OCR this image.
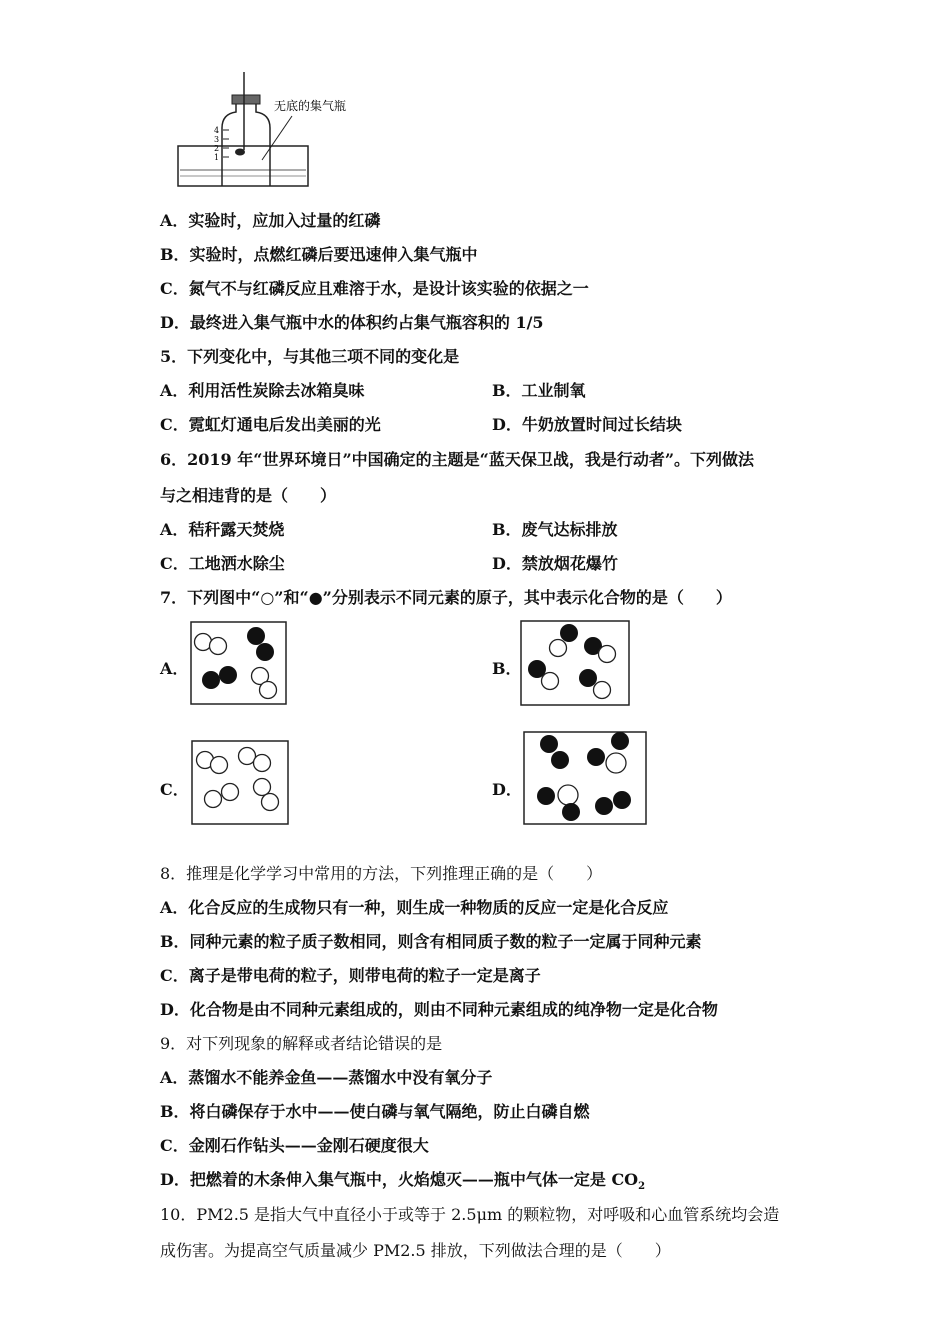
4
3
2
1
无底的集气瓶
A．实验时，应加入过量的红磷
B．实验时，点燃红磷后要迅速伸入集气瓶中
C．氮气不与红磷反应且难溶于水，是设计该实验的依据之一
D．最终进入集气瓶中水的体积约占集气瓶容积的 1/5
5．下列变化中，与其他三项不同的变化是
A．利用活性炭除去冰箱臭味	B．工业制氧
C．霓虹灯通电后发出美丽的光	D．牛奶放置时间过长结块
6．2019 年“世界环境日”中国确定的主题是“蓝天保卫战，我是行动者”。下列做法
与之相违背的是（　　）
A．秸秆露天焚烧	B．废气达标排放
C．工地洒水除尘	D．禁放烟花爆竹
7．下列图中“○”和“●”分别表示不同元素的原子，其中表示化合物的是（　　）
A．	B．
C．	D．
8．推理是化学学习中常用的方法，下列推理正确的是（　　）
A．化合反应的生成物只有一种，则生成一种物质的反应一定是化合反应
B．同种元素的粒子质子数相同，则含有相同质子数的粒子一定属于同种元素
C．离子是带电荷的粒子，则带电荷的粒子一定是离子
D．化合物是由不同种元素组成的，则由不同种元素组成的纯净物一定是化合物
9．对下列现象的解释或者结论错误的是
A．蒸馏水不能养金鱼——蒸馏水中没有氧分子
B．将白磷保存于水中——使白磷与氧气隔绝，防止白磷自燃
C．金刚石作钻头——金刚石硬度很大
D．把燃着的木条伸入集气瓶中，火焰熄灭——瓶中气体一定是 $CO_2$
10．PM2.5 是指大气中直径小于或等于 2.5μm 的颗粒物，对呼吸和心血管系统均会造
成伤害。为提高空气质量减少 PM2.5 排放，下列做法合理的是（　　）
